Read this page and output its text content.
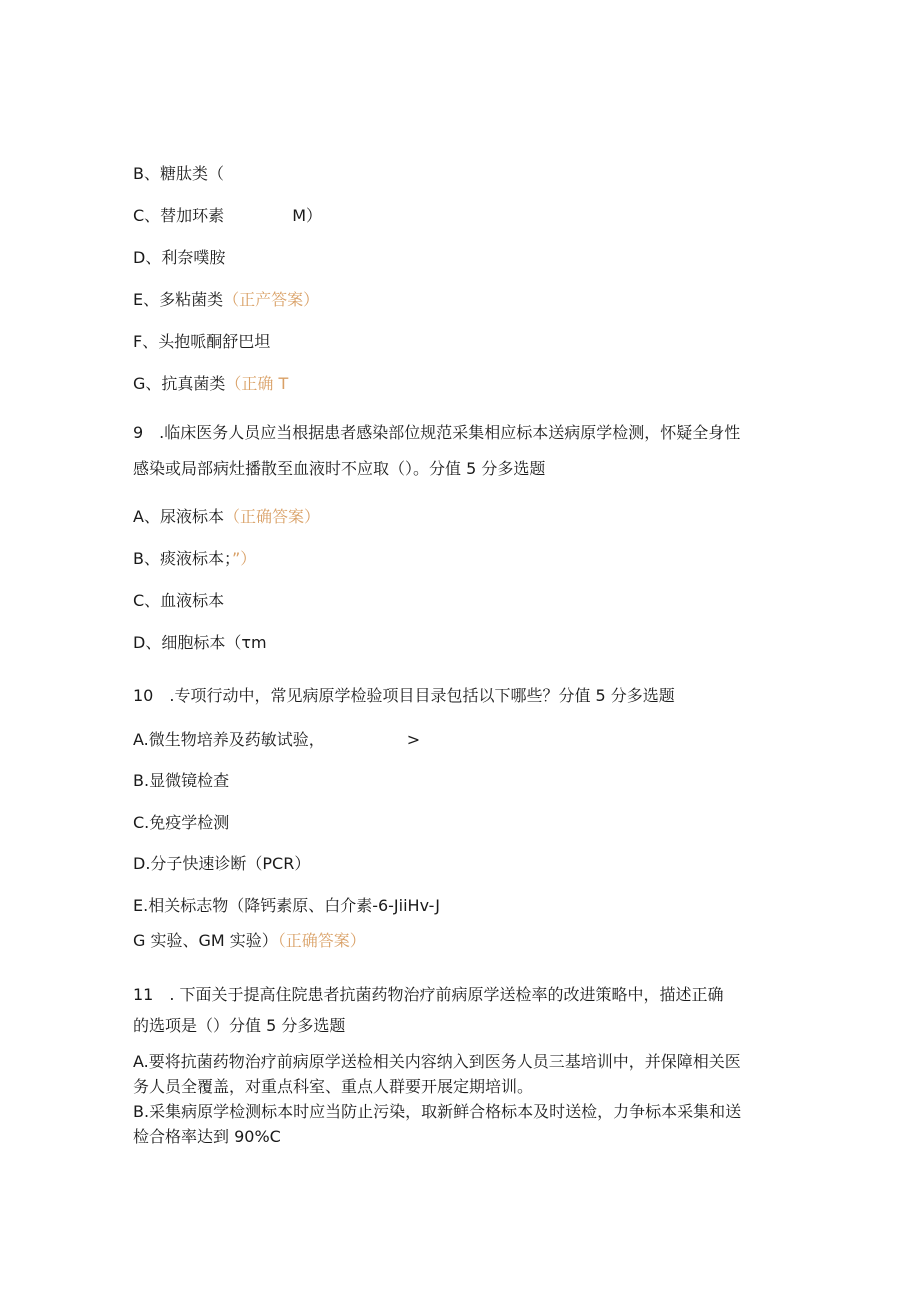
B、糖肽类（

C、替加环素	M）

D、利奈噗胺

E、多粘菌类（正产答案）

F、头抱哌酮舒巴坦

G、抗真菌类（正确 T

9　.临床医务人员应当根据患者感染部位规范采集相应标本送病原学检测，怀疑全身性

感染或局部病灶播散至血液时不应取（）。分值 5 分多选题

A、尿液标本（正确答案）

B、痰液标本；”）

C、血液标本

D、细胞标本（τm

10　.专项行动中，常见病原学检验项目目录包括以下哪些？分值 5 分多选题

A.微生物培养及药敏试验，	>

B.显微镜检查

C.免疫学检测

D.分子快速诊断（PCR）

E.相关标志物（降钙素原、白介素-6-JiiHv-J

G 实验、GM 实验）（正确答案）

11　. 下面关于提高住院患者抗菌药物治疗前病原学送检率的改进策略中，描述正确

的选项是（）分值 5 分多选题

A.要将抗菌药物治疗前病原学送检相关内容纳入到医务人员三基培训中，并保障相关医

务人员全覆盖，对重点科室、重点人群要开展定期培训。

B.采集病原学检测标本时应当防止污染，取新鲜合格标本及时送检，力争标本采集和送

检合格率达到 90%C
